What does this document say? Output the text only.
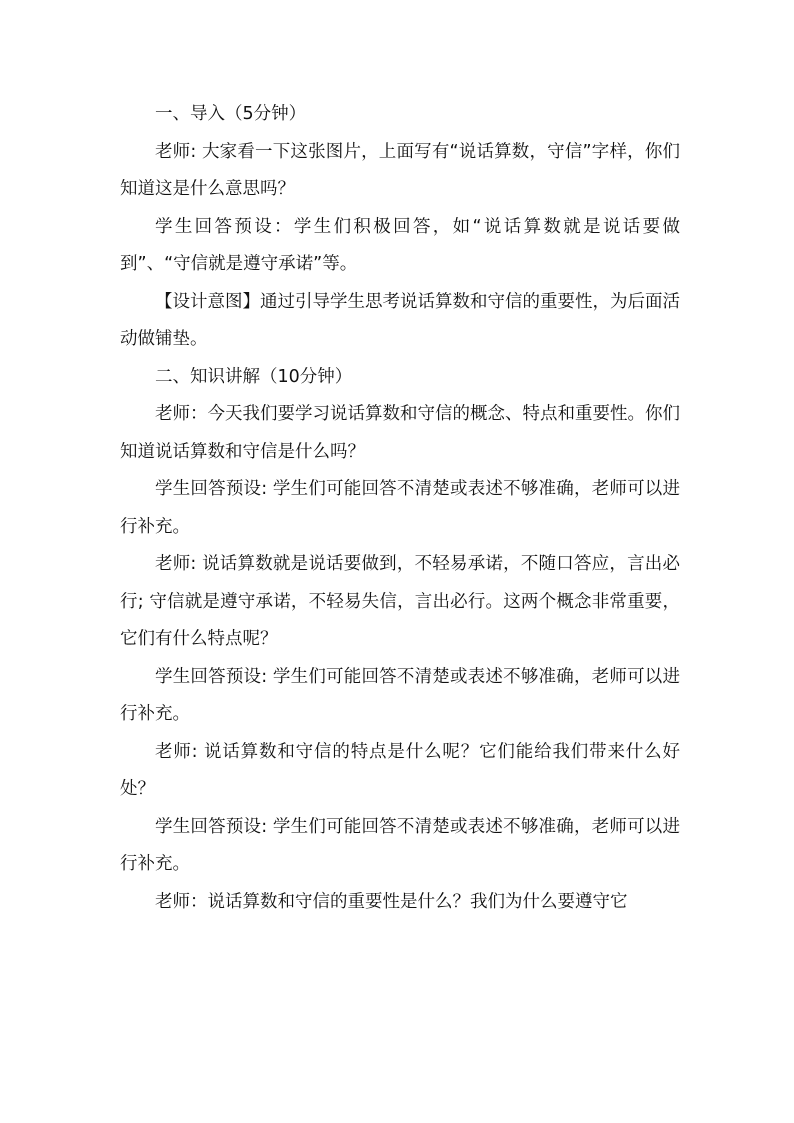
一、导入（5分钟）

老师: 大家看一下这张图片，上面写有“说话算数，守信”字样，你们知道这是什么意思吗？

学生回答预设：学生们积极回答，如“说话算数就是说话要做到”、“守信就是遵守承诺”等。

【设计意图】通过引导学生思考说话算数和守信的重要性，为后面活动做铺垫。

二、知识讲解（10分钟）

老师：今天我们要学习说话算数和守信的概念、特点和重要性。你们知道说话算数和守信是什么吗？

学生回答预设: 学生们可能回答不清楚或表述不够准确，老师可以进行补充。

老师: 说话算数就是说话要做到，不轻易承诺，不随口答应，言出必行; 守信就是遵守承诺，不轻易失信，言出必行。这两个概念非常重要，它们有什么特点呢？

学生回答预设: 学生们可能回答不清楚或表述不够准确，老师可以进行补充。

老师: 说话算数和守信的特点是什么呢？它们能给我们带来什么好处？

学生回答预设: 学生们可能回答不清楚或表述不够准确，老师可以进行补充。

老师：说话算数和守信的重要性是什么？我们为什么要遵守它
